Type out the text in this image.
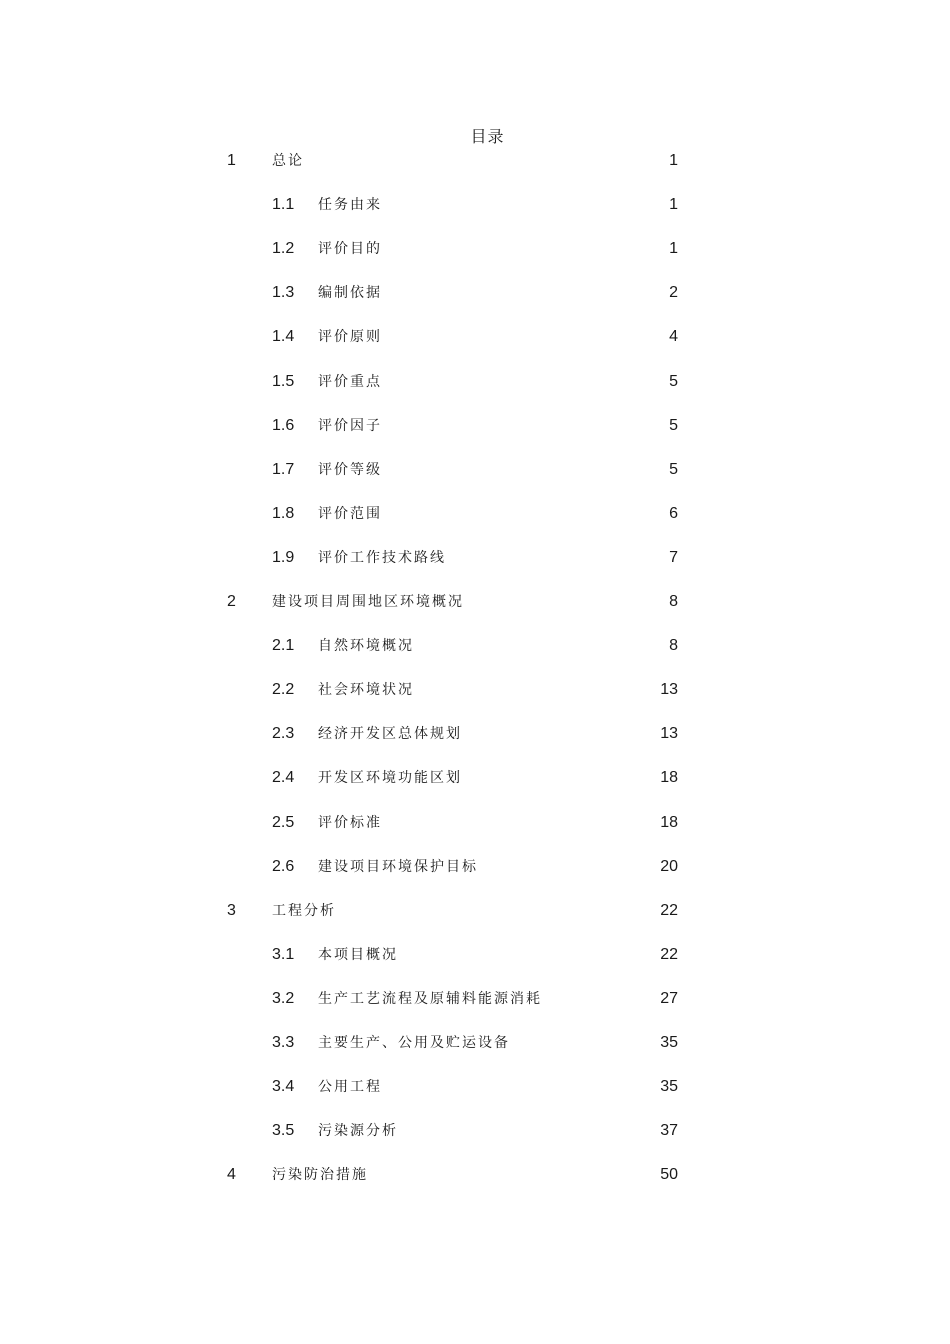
目录
1	总论	1
1.1 任务由来	1
1.2 评价目的	1
1.3 编制依据	2
1.4 评价原则	4
1.5 评价重点	5
1.6 评价因子	5
1.7 评价等级	5
1.8 评价范围	6
1.9 评价工作技术路线	7
2	建设项目周围地区环境概况	8
2.1 自然环境概况	8
2.2 社会环境状况	13
2.3 经济开发区总体规划	13
2.4 开发区环境功能区划	18
2.5 评价标准	18
2.6 建设项目环境保护目标	20
3	工程分析	22
3.1 本项目概况	22
3.2 生产工艺流程及原辅料能源消耗	27
3.3 主要生产、公用及贮运设备	35
3.4 公用工程	35
3.5 污染源分析	37
4	污染防治措施	50
